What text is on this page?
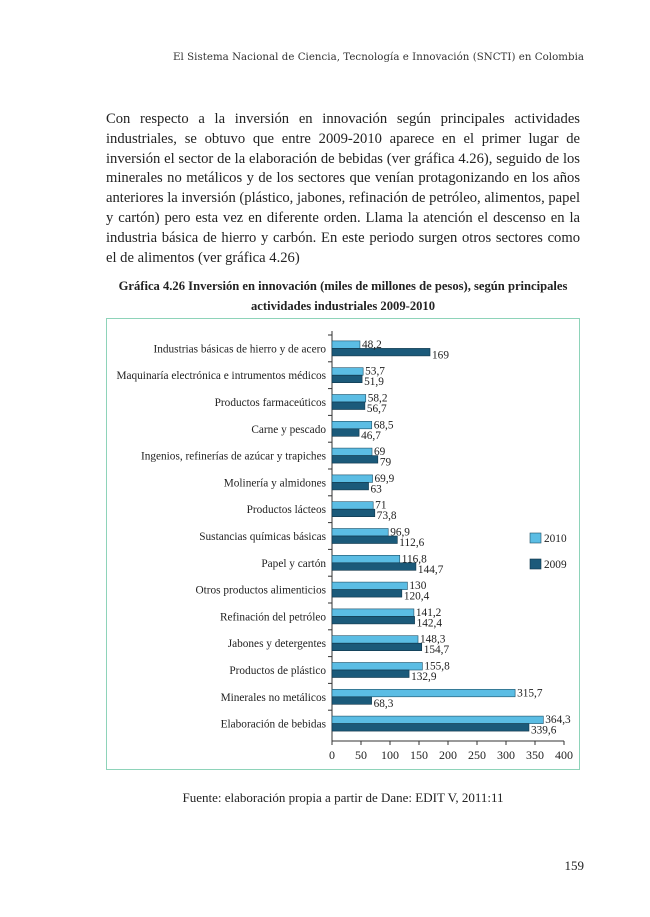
El Sistema Nacional de Ciencia, Tecnología e Innovación (SNCTI) en Colombia
Con respecto a la inversión en innovación según principales actividades industriales, se obtuvo que entre 2009-2010 aparece en el primer lugar de inversión el sector de la elaboración de bebidas (ver gráfica 4.26), seguido de los minerales no metálicos y de los sectores que venían protagonizando en los años anteriores la inversión (plástico, jabones, refinación de petróleo, alimentos, papel y cartón) pero esta vez en diferente orden. Llama la atención el descenso en la industria básica de hierro y carbón. En este periodo surgen otros sectores como el de alimentos (ver gráfica 4.26)
Gráfica 4.26 Inversión en innovación (miles de millones de pesos), según principales actividades industriales 2009-2010
0 50 100 150 200 250 300 350 400
Industrias básicas de hierro y de acero	48,2
169
Maquinaría electrónica e intrumentos médicos	53,7
51,9
Productos farmaceúticos	58,2
56,7
Carne y pescado	68,5
46,7
Ingenios, refinerías de azúcar y trapiches	69
79
Molinería y almidones	69,9
63
Productos lácteos	71
73,8
Sustancias químicas básicas	96,9
112,6
Papel y cartón	116,8
144,7
Otros productos alimenticios	130
120,4
Refinación del petróleo	141,2
142,4
Jabones y detergentes	148,3
154,7
Productos de plástico	155,8
132,9
Minerales no metálicos	315,7
68,3
Elaboración de bebidas	364,3
339,6
2010
2009
Fuente: elaboración propia a partir de Dane: EDIT V, 2011:11
159
